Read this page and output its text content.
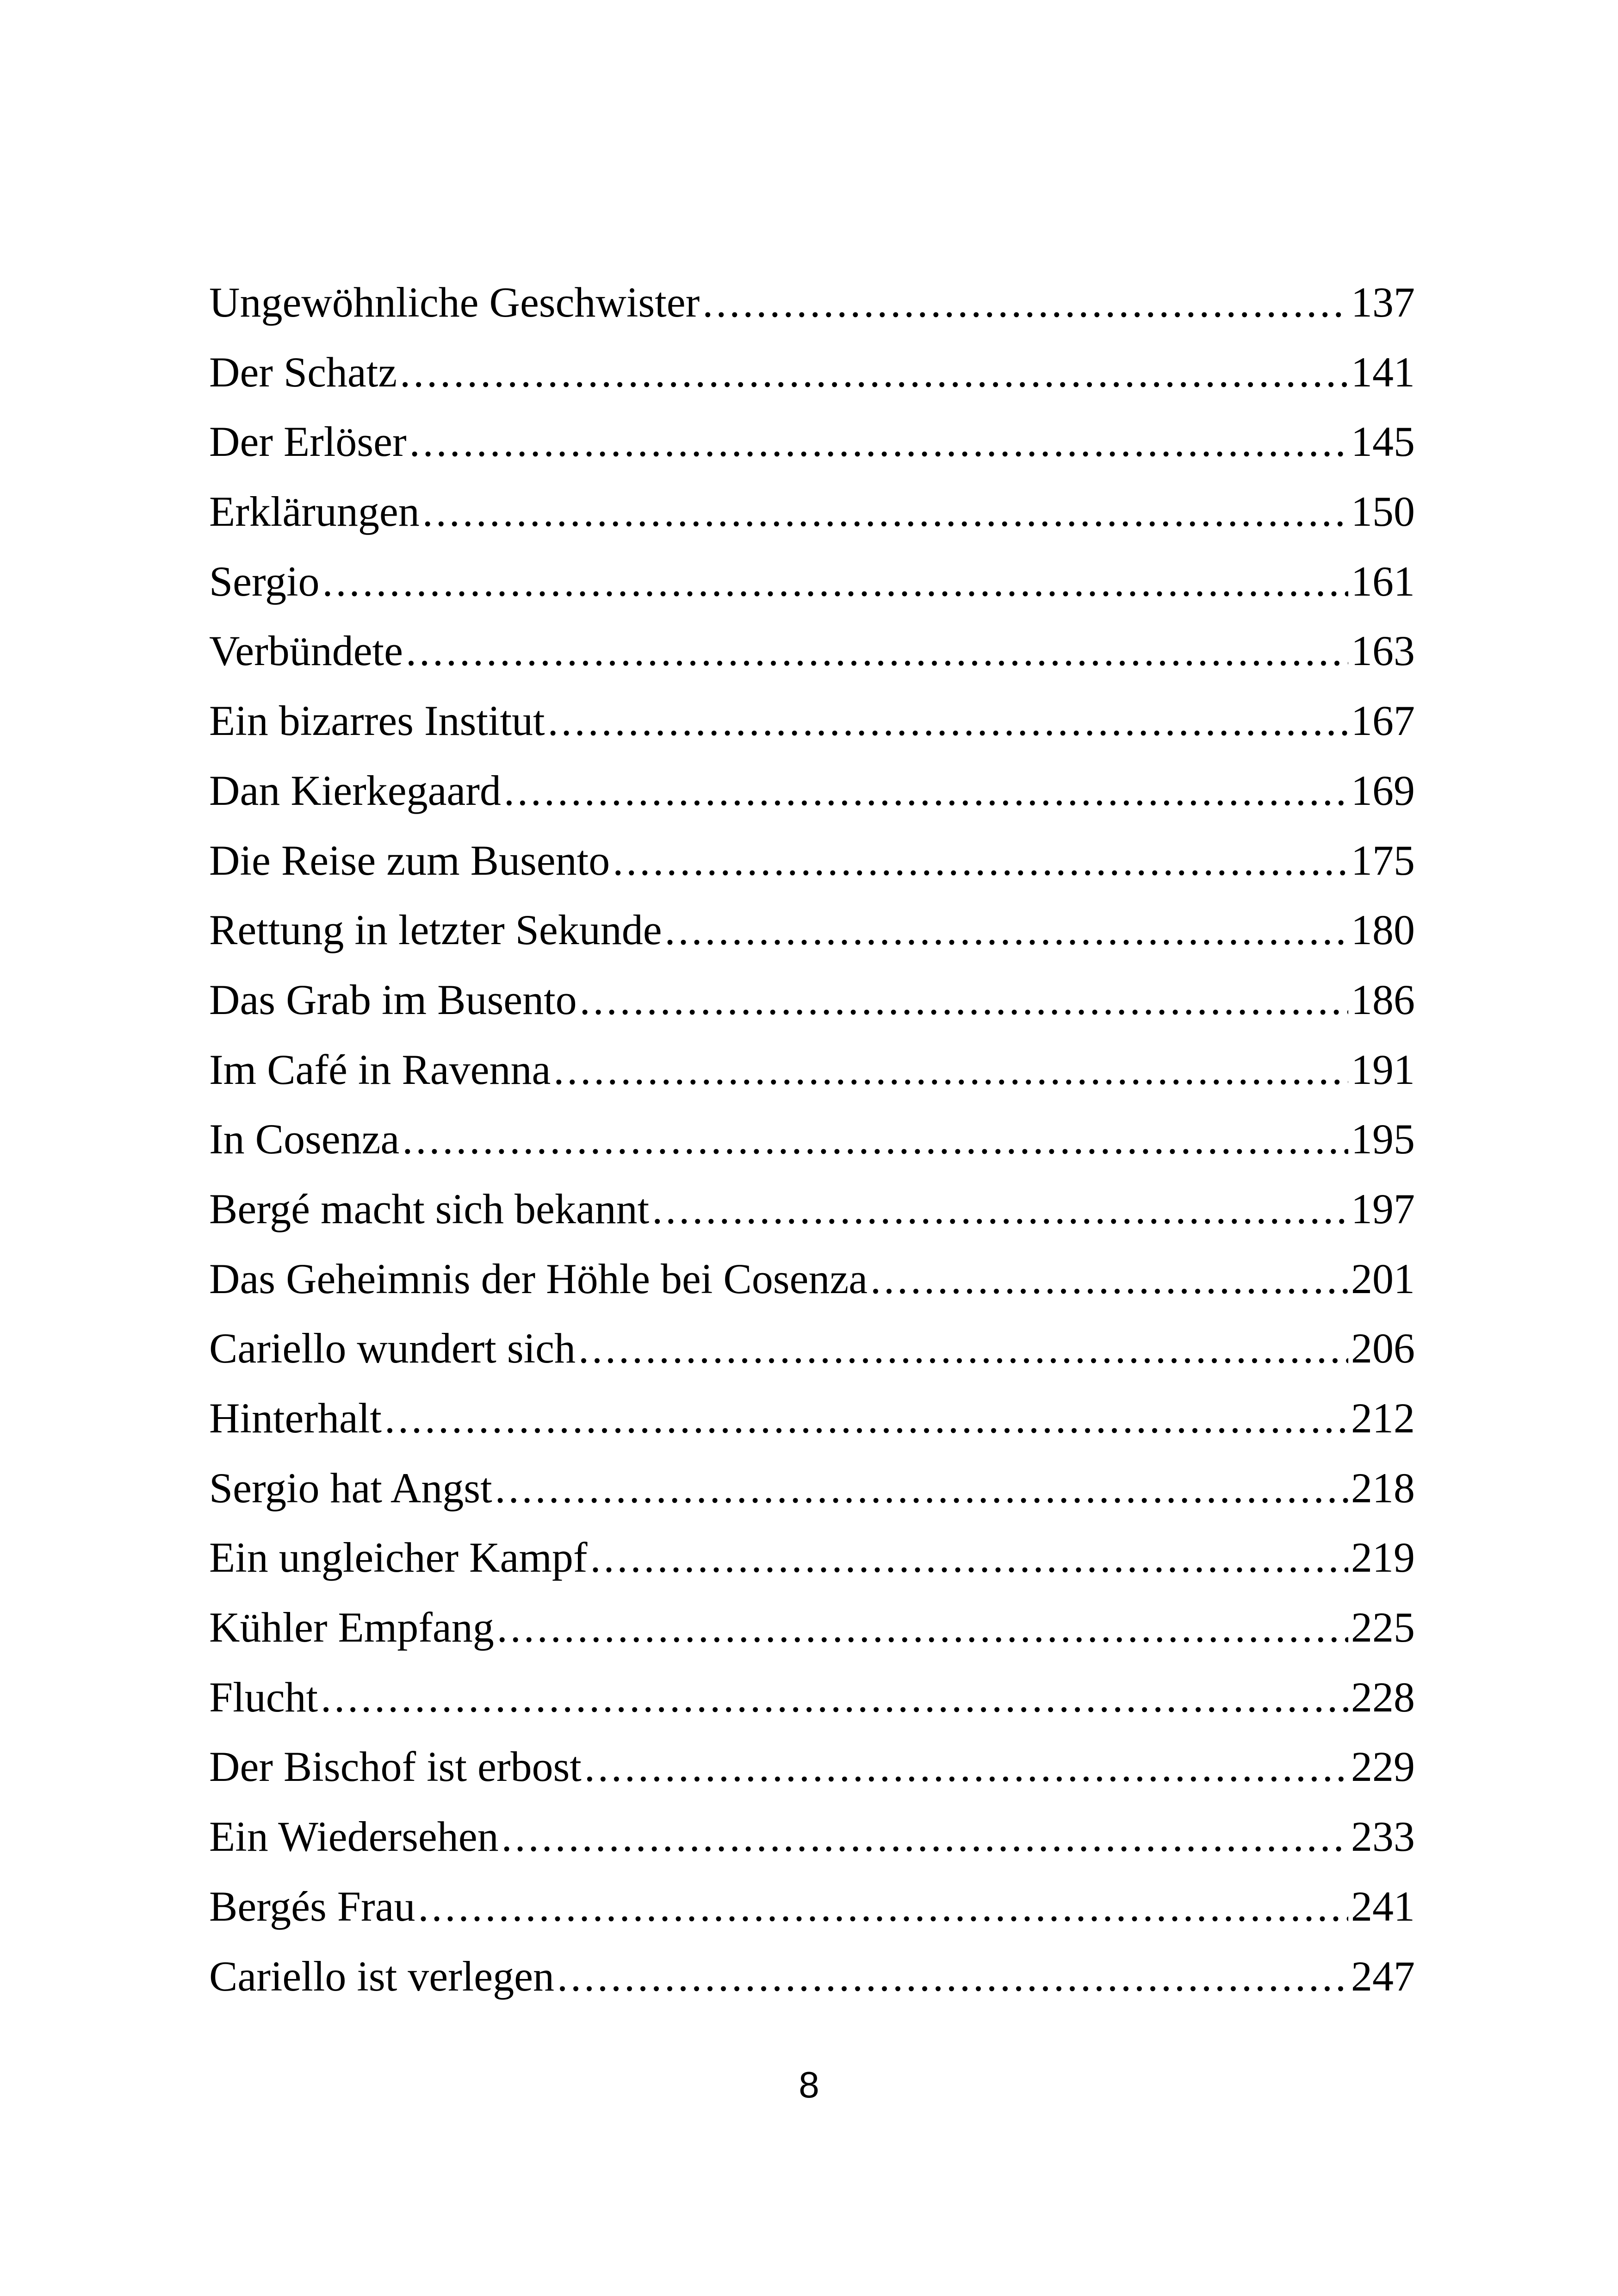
Ungewöhnliche Geschwister .....	137
Der Schatz .....	141
Der Erlöser .....	145
Erklärungen .....	150
Sergio .....	161
Verbündete .....	163
Ein bizarres Institut .....	167
Dan Kierkegaard .....	169
Die Reise zum Busento .....	175
Rettung in letzter Sekunde .....	180
Das Grab im Busento .....	186
Im Café in Ravenna .....	191
In Cosenza .....	195
Bergé macht sich bekannt .....	197
Das Geheimnis der Höhle bei Cosenza .....	201
Cariello wundert sich .....	206
Hinterhalt .....	212
Sergio hat Angst .....	218
Ein ungleicher Kampf .....	219
Kühler Empfang .....	225
Flucht .....	228
Der Bischof ist erbost .....	229
Ein Wiedersehen .....	233
Bergés Frau .....	241
Cariello ist verlegen .....	247
8
